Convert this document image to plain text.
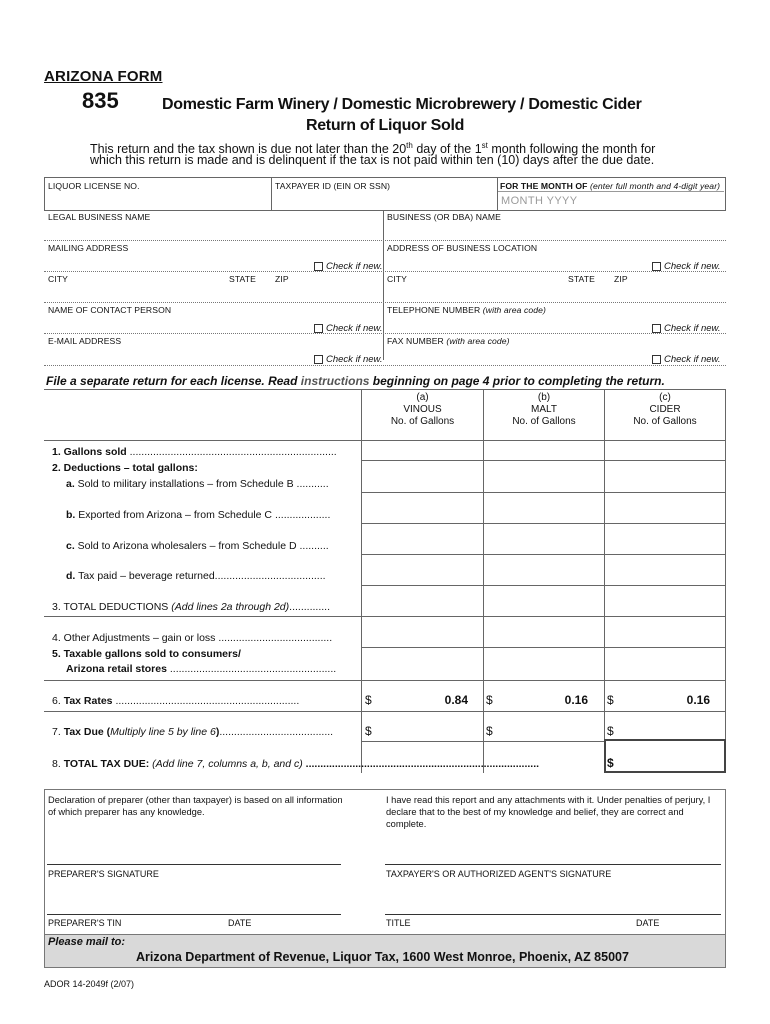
ARIZONA FORM
835	Domestic Farm Winery / Domestic Microbrewery / Domestic Cider
Return of Liquor Sold
This return and the tax shown is due not later than the 20th day of the 1st month following the month for
which this return is made and is delinquent if the tax is not paid within ten (10) days after the due date.
LIQUOR LICENSE NO.	TAXPAYER ID (EIN OR SSN)	FOR THE MONTH OF (enter full month and 4-digit year)
MONTH YYYY
LEGAL BUSINESS NAME	BUSINESS (OR DBA) NAME
MAILING ADDRESS	ADDRESS OF BUSINESS LOCATION
Check if new.	Check if new.
CITY	STATE ZIP	CITY	STATE ZIP
NAME OF CONTACT PERSON	TELEPHONE NUMBER (with area code)
Check if new.	Check if new.
E-MAIL ADDRESS	FAX NUMBER (with area code)
Check if new.	Check if new.
File a separate return for each license. Read instructions beginning on page 4 prior to completing the return.
(a)
VINOUS
No. of Gallons
(b)
MALT
No. of Gallons
(c)
CIDER
No. of Gallons
1. Gallons sold .......................................................................
2. Deductions – total gallons:
a. Sold to military installations – from Schedule B ...........
b. Exported from Arizona – from Schedule C ...................
c. Sold to Arizona wholesalers – from Schedule D ..........
d. Tax paid – beverage returned......................................
3. TOTAL DEDUCTIONS (Add lines 2a through 2d)..............
4. Other Adjustments – gain or loss .......................................
5. Taxable gallons sold to consumers/
Arizona retail stores .........................................................
6. Tax Rates ...............................................................	$	0.84 $	0.16 $	0.16
7. Tax Due (Multiply line 5 by line 6).......................................	$	$	$
8. TOTAL TAX DUE: (Add line 7, columns a, b, and c) ................................................................................	$
Declaration of preparer (other than taxpayer) is based on all information of which preparer has any knowledge.
I have read this report and any attachments with it. Under penalties of perjury, I declare that to the best of my knowledge and belief, they are correct and complete.
PREPARER'S SIGNATURE	TAXPAYER'S OR AUTHORIZED AGENT'S SIGNATURE
PREPARER'S TIN	DATE	TITLE	DATE
Please mail to:
Arizona Department of Revenue, Liquor Tax, 1600 West Monroe, Phoenix, AZ 85007
ADOR 14-2049f (2/07)
